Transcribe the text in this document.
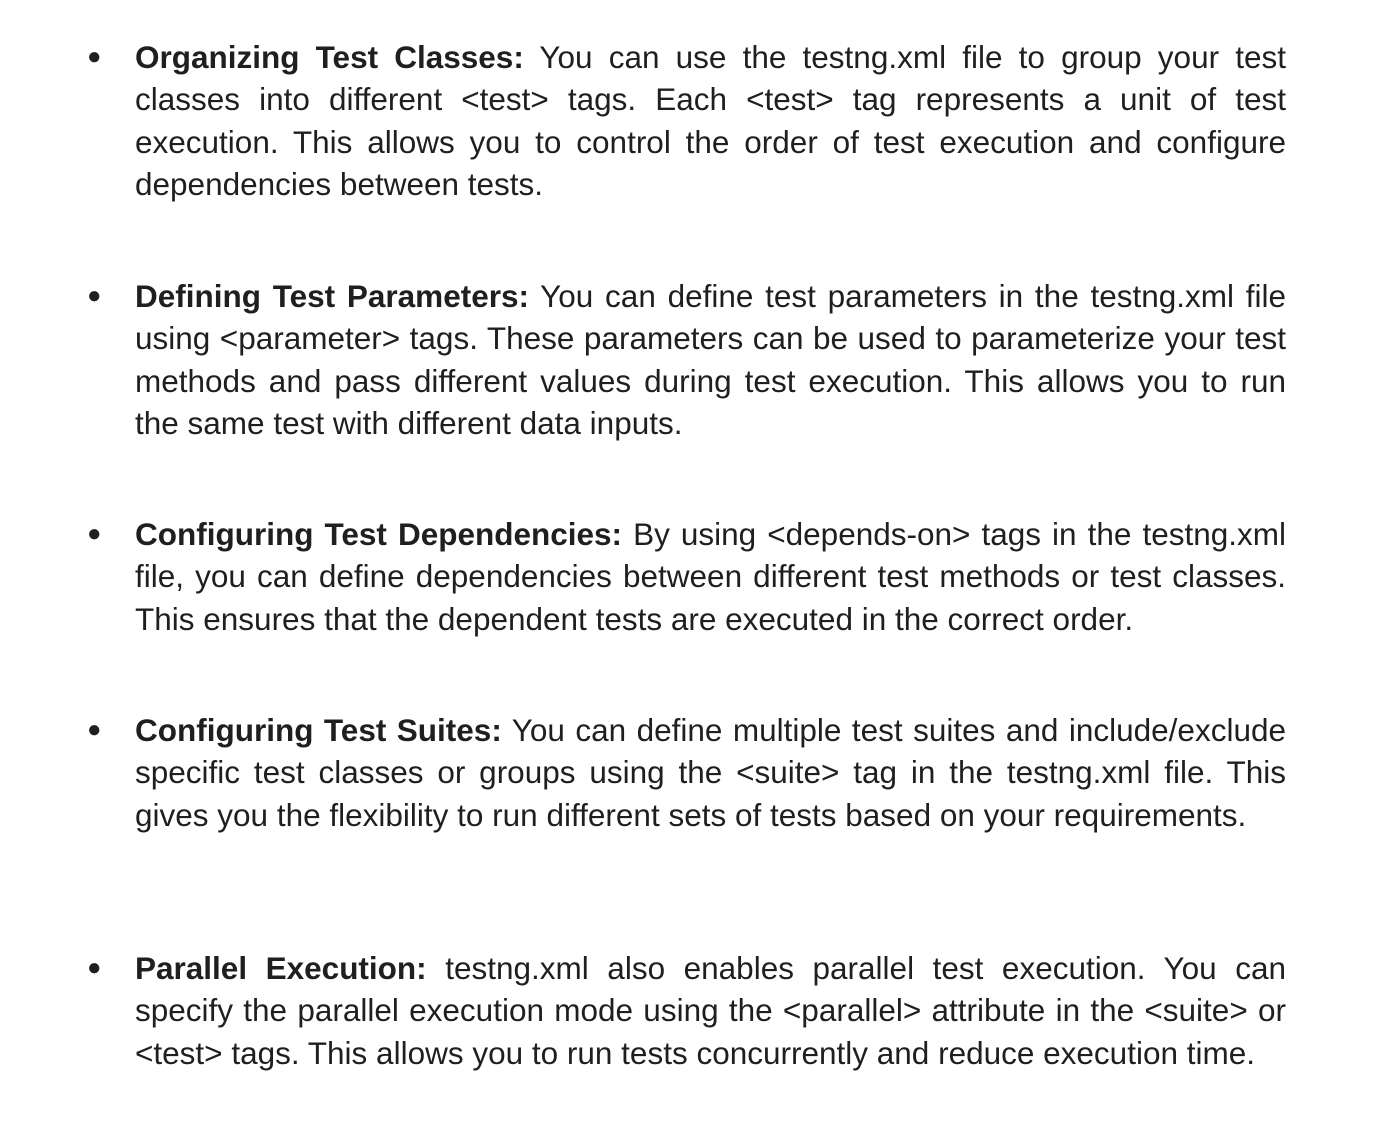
● Organizing Test Classes: You can use the testng.xml file to group your test classes into different <test> tags. Each <test> tag represents a unit of test execution. This allows you to control the order of test execution and configure dependencies between tests.

● Defining Test Parameters: You can define test parameters in the testng.xml file using <parameter> tags. These parameters can be used to parameterize your test methods and pass different values during test execution. This allows you to run the same test with different data inputs.

● Configuring Test Dependencies: By using <depends-on> tags in the testng.xml file, you can define dependencies between different test methods or test classes. This ensures that the dependent tests are executed in the correct order.

● Configuring Test Suites: You can define multiple test suites and include/exclude specific test classes or groups using the <suite> tag in the testng.xml file. This gives you the flexibility to run different sets of tests based on your requirements.

● Parallel Execution: testng.xml also enables parallel test execution. You can specify the parallel execution mode using the <parallel> attribute in the <suite> or <test> tags. This allows you to run tests concurrently and reduce execution time.
